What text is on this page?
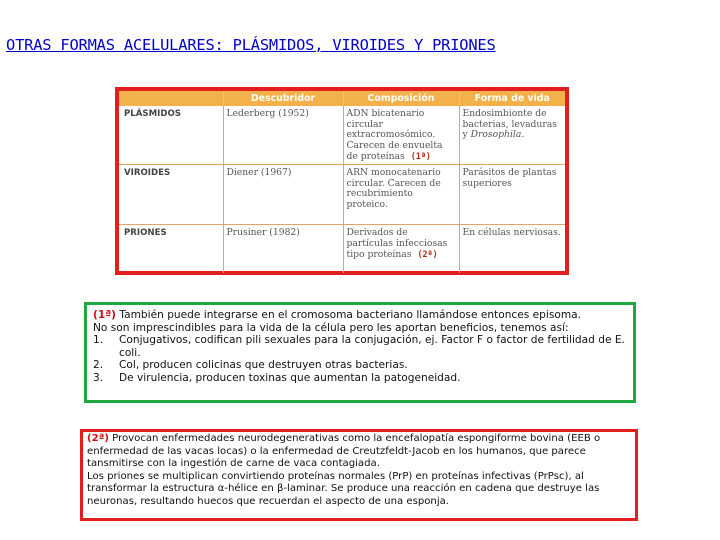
OTRAS FORMAS ACELULARES: PLÁSMIDOS, VIROIDES Y PRIONES
	Descubridor	Composición	Forma de vida
PLÁSMIDOS	Lederberg (1952)	ADN bicatenario circular extracromosómico. Carecen de envuelta de proteínas (1ª)	Endosimbionte de bacterias, levaduras y Drosophila.
VIROIDES	Diener (1967)	ARN monocatenario circular. Carecen de recubrimiento proteico.	Parásitos de plantas superiores
PRIONES	Prusiner (1982)	Derivados de partículas infecciosas tipo proteínas (2ª)	En células nerviosas.

(1ª) También puede integrarse en el cromosoma bacteriano llamándose entonces episoma.

No son imprescindibles para la vida de la célula pero les aportan beneficios, tenemos así:

1.	Conjugativos, codifican pili sexuales para la conjugación, ej. Factor F o factor de fertilidad de E. coli.
2.	Col, producen colicinas que destruyen otras bacterias.
3.	De virulencia, producen toxinas que aumentan la patogeneidad.

(2ª) Provocan enfermedades neurodegenerativas como la encefalopatía espongiforme bovina (EEB o enfermedad de las vacas locas) o la enfermedad de Creutzfeldt-Jacob en los humanos, que parece tansmitirse con la ingestión de carne de vaca contagiada.

Los priones se multiplican convirtiendo proteínas normales (PrP) en proteínas infectivas (PrPsc), al transformar la estructura α-hélice en β-laminar. Se produce una reacción en cadena que destruye las neuronas, resultando huecos que recuerdan el aspecto de una esponja.
